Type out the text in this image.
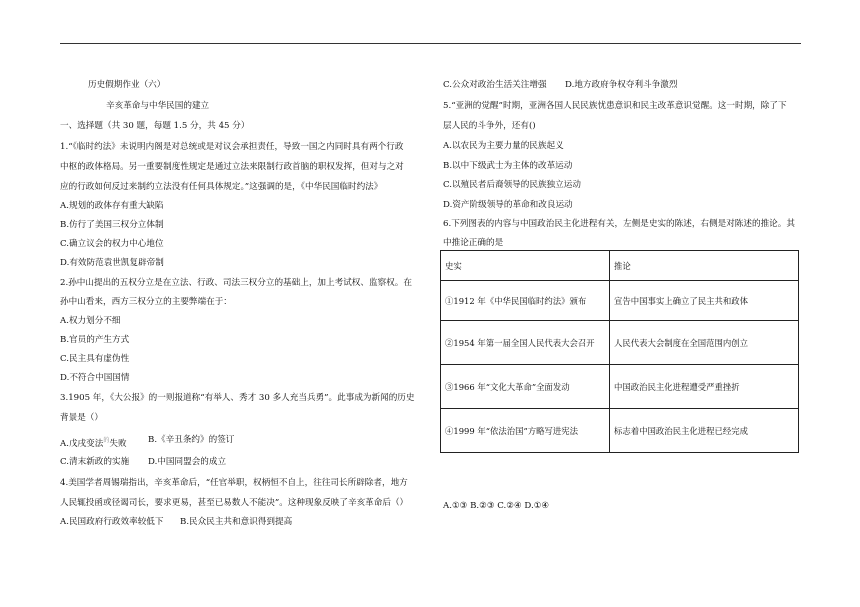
历史假期作业（六）
辛亥革命与中华民国的建立
一、选择题（共 30 题，每题 1.5 分，共 45 分）
1.“《临时约法》未说明内阁是对总统或是对议会承担责任，导致一国之内同时具有两个行政
中枢的政体格局。另一重要制度性规定是通过立法来限制行政首脑的职权发挥，但对与之对
应的行政如何反过来制约立法没有任何具体规定。”这强调的是，《中华民国临时约法》
A.规划的政体存有重大缺陷
B.仿行了美国三权分立体制
C.确立议会的权力中心地位
D.有效防范袁世凯复辟帝制
2.孙中山提出的五权分立是在立法、行政、司法三权分立的基础上，加上考试权、监察权。在
孙中山看来，西方三权分立的主要弊端在于：
A.权力划分不细
B.官员的产生方式
C.民主具有虚伪性
D.不符合中国国情
3.1905 年，《大公报》的一则报道称“有举人、秀才 30 多人充当兵勇”。此事成为新闻的历史
背景是（）
A.戊戌变法$^的$失败 B.《辛丑条约》的签订
C.清末新政的实施 D.中国同盟会的成立
4.美国学者周锡瑞指出，辛亥革命后，“任官举职，权柄恒不自上，往往司长所辟除者，地方
人民辄投函或径谒司长，要求更易，甚至已易数人不能决”。这种现象反映了辛亥革命后（）
A.民国政府行政效率较低下 B.民众民主共和意识得到提高
C.公众对政治生活关注增强 D.地方政府争权夺利斗争激烈
5.“亚洲的觉醒”时期，亚洲各国人民民族忧患意识和民主改革意识觉醒。这一时期，除了下
层人民的斗争外，还有()
A.以农民为主要力量的民族起义
B.以中下级武士为主体的改革运动
C.以殖民者后裔领导的民族独立运动
D.资产阶级领导的革命和改良运动
6.下列图表的内容与中国政治民主化进程有关，左侧是史实的陈述，右侧是对陈述的推论。其
中推论正确的是
史实	推论
①1912 年《中华民国临时约法》颁布	宣告中国事实上确立了民主共和政体
②1954 年第一届全国人民代表大会召开	人民代表大会制度在全国范围内创立
③1966 年“文化大革命”全面发动	中国政治民主化进程遭受严重挫折
④1999 年“依法治国”方略写进宪法	标志着中国政治民主化进程已经完成
A.①③ B.②③ C.②④ D.①④
